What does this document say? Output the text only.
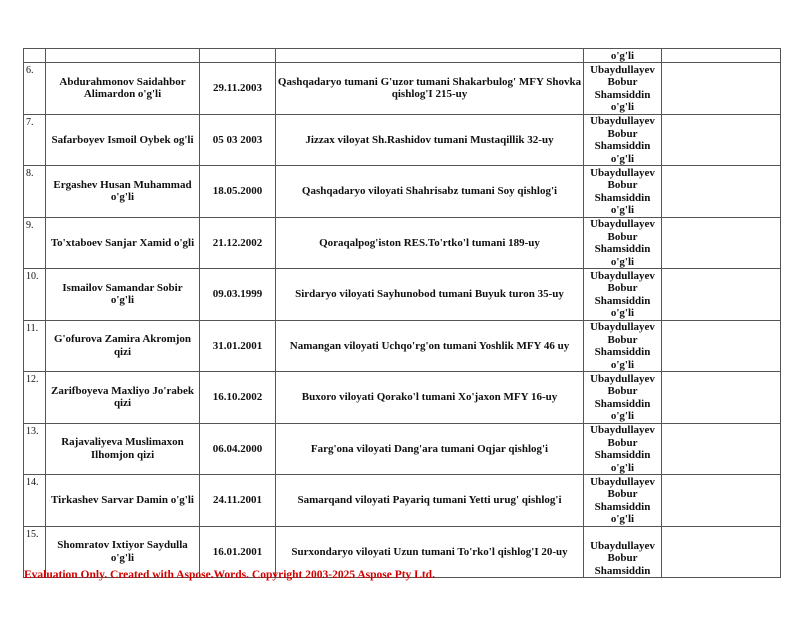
				o'g'li	
6.	Abdurahmonov Saidahbor Alimardon o'g'li	29.11.2003	Qashqadaryo tumani G'uzor tumani Shakarbulog' MFY Shovka qishlog'I 215-uy	Ubaydullayev
Bobur
Shamsiddin
o'g'li	

7.	Safarboyev Ismoil Oybek og'li	05 03 2003	Jizzax viloyat Sh.Rashidov tumani Mustaqillik 32-uy	Ubaydullayev
Bobur
Shamsiddin
o'g'li	

8.	Ergashev Husan Muhammad o'g'li	18.05.2000	Qashqadaryo viloyati Shahrisabz tumani Soy qishlog'i	Ubaydullayev
Bobur
Shamsiddin
o'g'li	

9.	To'xtaboev Sanjar Xamid o'gli	21.12.2002	Qoraqalpog'iston RES.To'rtko'l tumani 189-uy	Ubaydullayev
Bobur
Shamsiddin
o'g'li	

10.	Ismailov Samandar Sobir o'g'li	09.03.1999	Sirdaryo viloyati Sayhunobod tumani Buyuk turon 35-uy	Ubaydullayev
Bobur
Shamsiddin
o'g'li	

11.	G'ofurova Zamira Akromjon qizi	31.01.2001	Namangan viloyati Uchqo'rg'on tumani Yoshlik MFY 46 uy	Ubaydullayev
Bobur
Shamsiddin
o'g'li	

12.	Zarifboyeva Maxliyo Jo'rabek qizi	16.10.2002	Buxoro viloyati Qorako'l tumani Xo'jaxon MFY 16-uy	Ubaydullayev
Bobur
Shamsiddin
o'g'li	

13.	Rajavaliyeva Muslimaxon Ilhomjon qizi	06.04.2000	Farg'ona viloyati Dang'ara tumani Oqjar qishlog'i	Ubaydullayev
Bobur
Shamsiddin
o'g'li	

14.	Tirkashev Sarvar Damin o'g'li	24.11.2001	Samarqand viloyati Payariq tumani Yetti urug' qishlog'i	Ubaydullayev
Bobur
Shamsiddin
o'g'li	

15.	Shomratov Ixtiyor Saydulla o'g'li	16.01.2001	Surxondaryo viloyati Uzun tumani To'rko'l qishlog'I 20-uy	Ubaydullayev
Bobur
Shamsiddin	

Evaluation Only. Created with Aspose.Words. Copyright 2003-2025 Aspose Pty Ltd.
